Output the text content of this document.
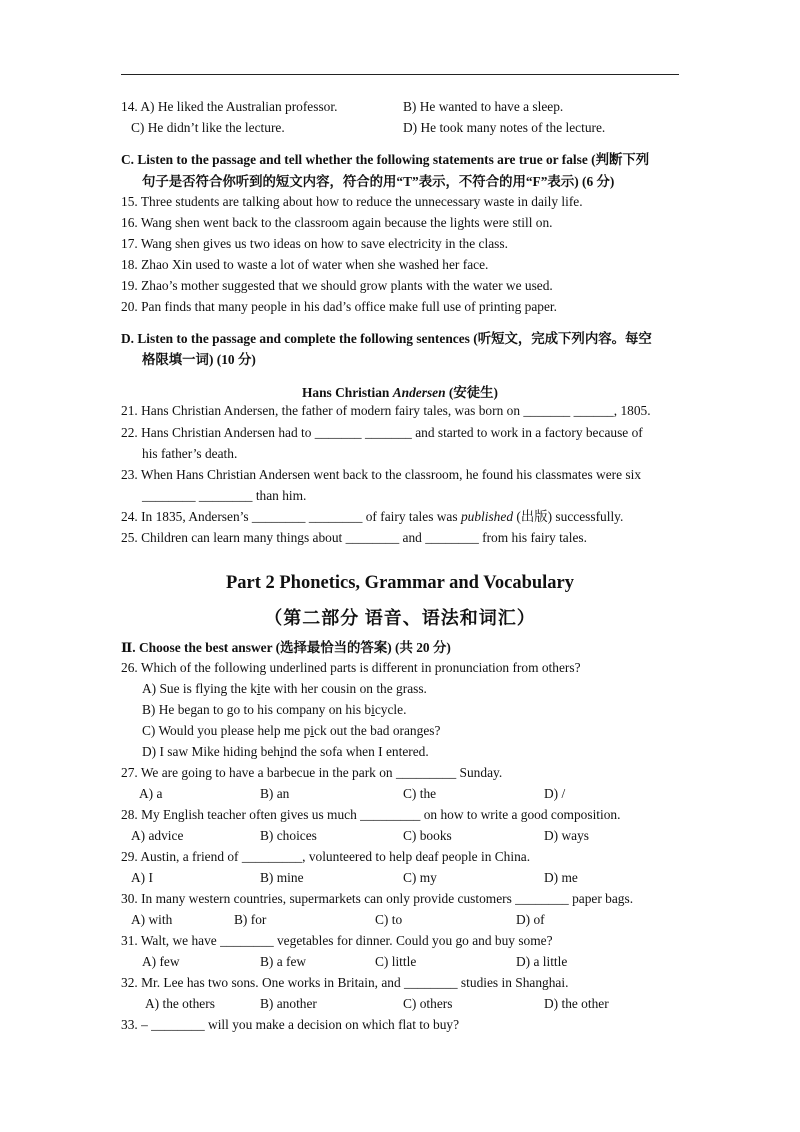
14. A) He liked the Australian professor.	B) He wanted to have a sleep.
C) He didn’t like the lecture.	D) He took many notes of the lecture.
C. Listen to the passage and tell whether the following statements are true or false (判断下列
句子是否符合你听到的短文内容，符合的用“T”表示，不符合的用“F”表示) (6 分)
15. Three students are talking about how to reduce the unnecessary waste in daily life.
16. Wang shen went back to the classroom again because the lights were still on.
17. Wang shen gives us two ideas on how to save electricity in the class.
18. Zhao Xin used to waste a lot of water when she washed her face.
19. Zhao’s mother suggested that we should grow plants with the water we used.
20. Pan finds that many people in his dad’s office make full use of printing paper.
D. Listen to the passage and complete the following sentences (听短文，完成下列内容。每空
格限填一词) (10 分)
Hans Christian Andersen (安徒生)
21. Hans Christian Andersen, the father of modern fairy tales, was born on _______ ______, 1805.
22. Hans Christian Andersen had to _______ _______ and started to work in a factory because of
his father’s death.
23. When Hans Christian Andersen went back to the classroom, he found his classmates were six
________ ________ than him.
24. In 1835, Andersen’s ________ ________ of fairy tales was published (出版) successfully.
25. Children can learn many things about ________ and ________ from his fairy tales.
Part 2 Phonetics, Grammar and Vocabulary
（第二部分 语音、语法和词汇）
Ⅱ. Choose the best answer (选择最恰当的答案) (共 20 分)
26. Which of the following underlined parts is different in pronunciation from others?
A) Sue is flying the kite with her cousin on the grass.
B) He began to go to his company on his bicycle.
C) Would you please help me pick out the bad oranges?
D) I saw Mike hiding behind the sofa when I entered.
27. We are going to have a barbecue in the park on _________ Sunday.
A) a	B) an	C) the	D) /
28. My English teacher often gives us much _________ on how to write a good composition.
A) advice	B) choices	C) books	D) ways
29. Austin, a friend of _________, volunteered to help deaf people in China.
A) I	B) mine	C) my	D) me
30. In many western countries, supermarkets can only provide customers ________ paper bags.
A) with	B) for	C) to	D) of
31. Walt, we have ________ vegetables for dinner. Could you go and buy some?
A) few	B) a few	C) little	D) a little
32. Mr. Lee has two sons. One works in Britain, and ________ studies in Shanghai.
A) the others	B) another	C) others	D) the other
33. – ________ will you make a decision on which flat to buy?
